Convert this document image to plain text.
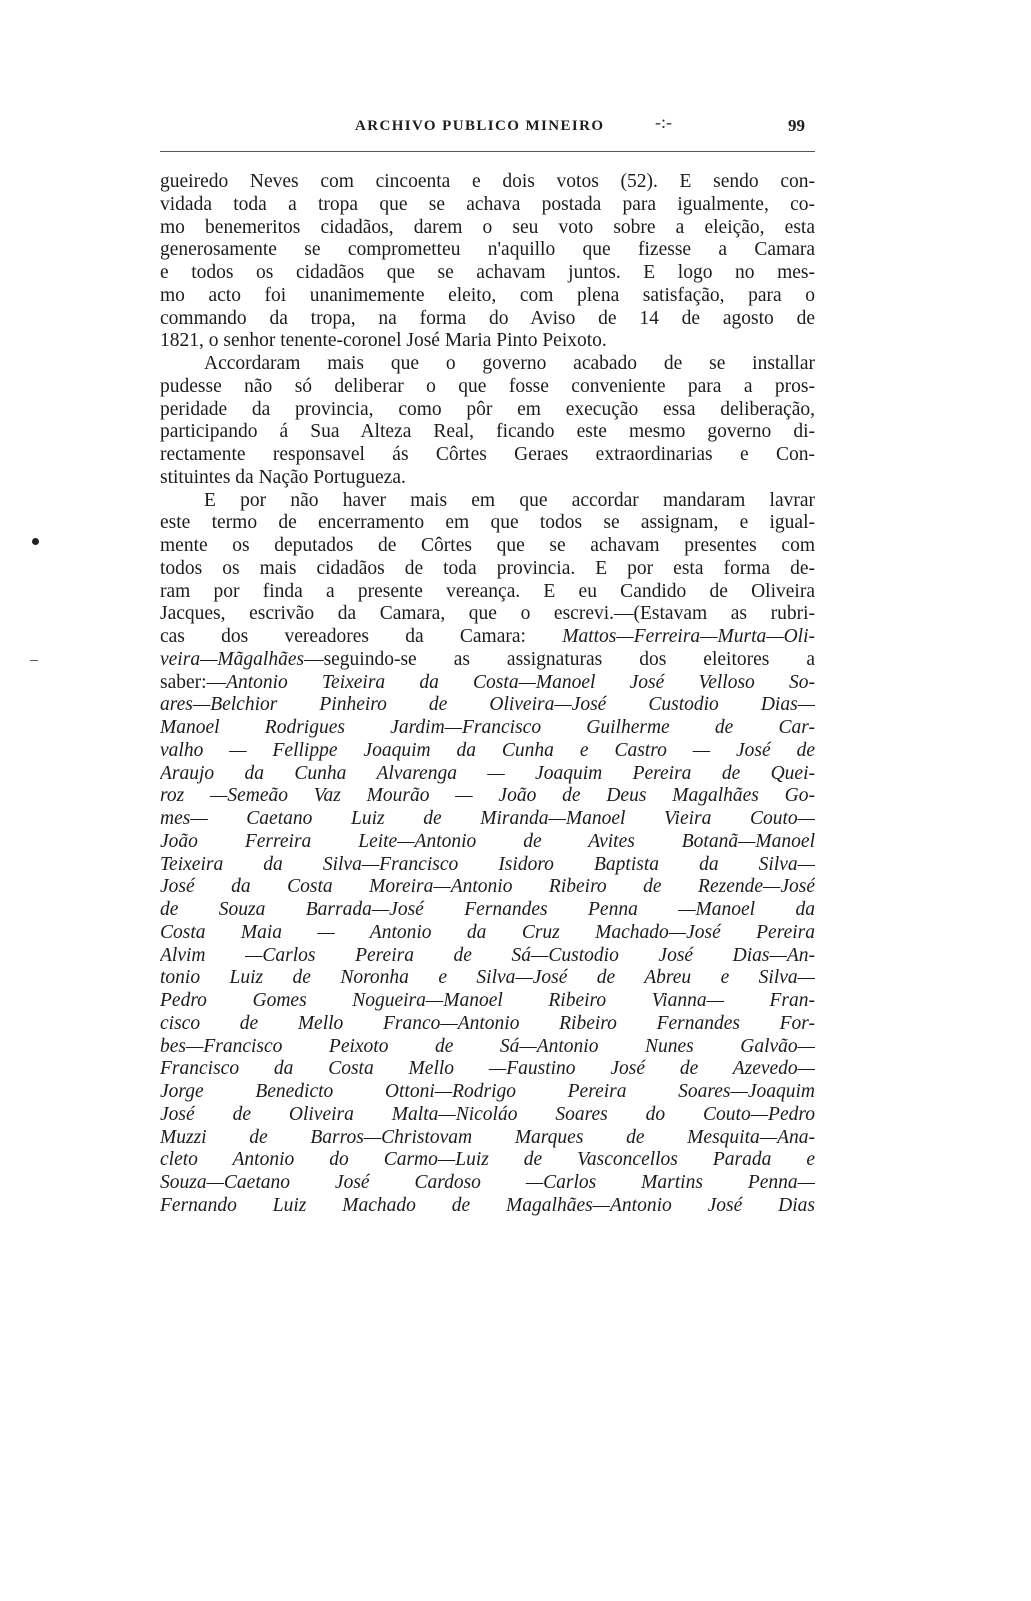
ARCHIVO PUBLICO MINEIRO	-:-	99
gueiredo Neves com cincoenta e dois votos (52). E sendo con-
vidada toda a tropa que se achava postada para igualmente, co-
mo benemeritos cidadãos, darem o seu voto sobre a eleição, esta
generosamente se comprometteu n'aquillo que fizesse a Camara
e todos os cidadãos que se achavam juntos. E logo no mes-
mo acto foi unanimemente eleito, com plena satisfação, para o
commando da tropa, na forma do Aviso de 14 de agosto de
1821, o senhor tenente-coronel José Maria Pinto Peixoto.
Accordaram mais que o governo acabado de se installar
pudesse não só deliberar o que fosse conveniente para a pros-
peridade da provincia, como pôr em execução essa deliberação,
participando á Sua Alteza Real, ficando este mesmo governo di-
rectamente responsavel ás Côrtes Geraes extraordinarias e Con-
stituintes da Nação Portugueza.
E por não haver mais em que accordar mandaram lavrar
este termo de encerramento em que todos se assignam, e igual-
mente os deputados de Côrtes que se achavam presentes com
todos os mais cidadãos de toda provincia. E por esta forma de-
ram por finda a presente vereança. E eu Candido de Oliveira
Jacques, escrivão da Camara, que o escrevi.—(Estavam as rubri-
cas dos vereadores da Camara: Mattos—Ferreira—Murta—Oli-
veira—Mãgalhães—seguindo-se as assignaturas dos eleitores a
saber:—Antonio Teixeira da Costa—Manoel José Velloso So-
ares—Belchior Pinheiro de Oliveira—José Custodio Dias—
Manoel Rodrigues Jardim—Francisco Guilherme de Car-
valho — Fellippe Joaquim da Cunha e Castro — José de
Araujo da Cunha Alvarenga — Joaquim Pereira de Quei-
roz —Semeão Vaz Mourão — João de Deus Magalhães Go-
mes— Caetano Luiz de Miranda—Manoel Vieira Couto—
João Ferreira Leite—Antonio de Avites Botanã—Manoel
Teixeira da Silva—Francisco Isidoro Baptista da Silva—
José da Costa Moreira—Antonio Ribeiro de Rezende—José
de Souza Barrada—José Fernandes Penna —Manoel da
Costa Maia — Antonio da Cruz Machado—José Pereira
Alvim —Carlos Pereira de Sá—Custodio José Dias—An-
tonio Luiz de Noronha e Silva—José de Abreu e Silva—
Pedro Gomes Nogueira—Manoel Ribeiro Vianna— Fran-
cisco de Mello Franco—Antonio Ribeiro Fernandes For-
bes—Francisco Peixoto de Sá—Antonio Nunes Galvão—
Francisco da Costa Mello —Faustino José de Azevedo—
Jorge Benedicto Ottoni—Rodrigo Pereira Soares—Joaquim
José de Oliveira Malta—Nicoláo Soares do Couto—Pedro
Muzzi de Barros—Christovam Marques de Mesquita—Ana-
cleto Antonio do Carmo—Luiz de Vasconcellos Parada e
Souza—Caetano José Cardoso —Carlos Martins Penna—
Fernando Luiz Machado de Magalhães—Antonio José Dias
